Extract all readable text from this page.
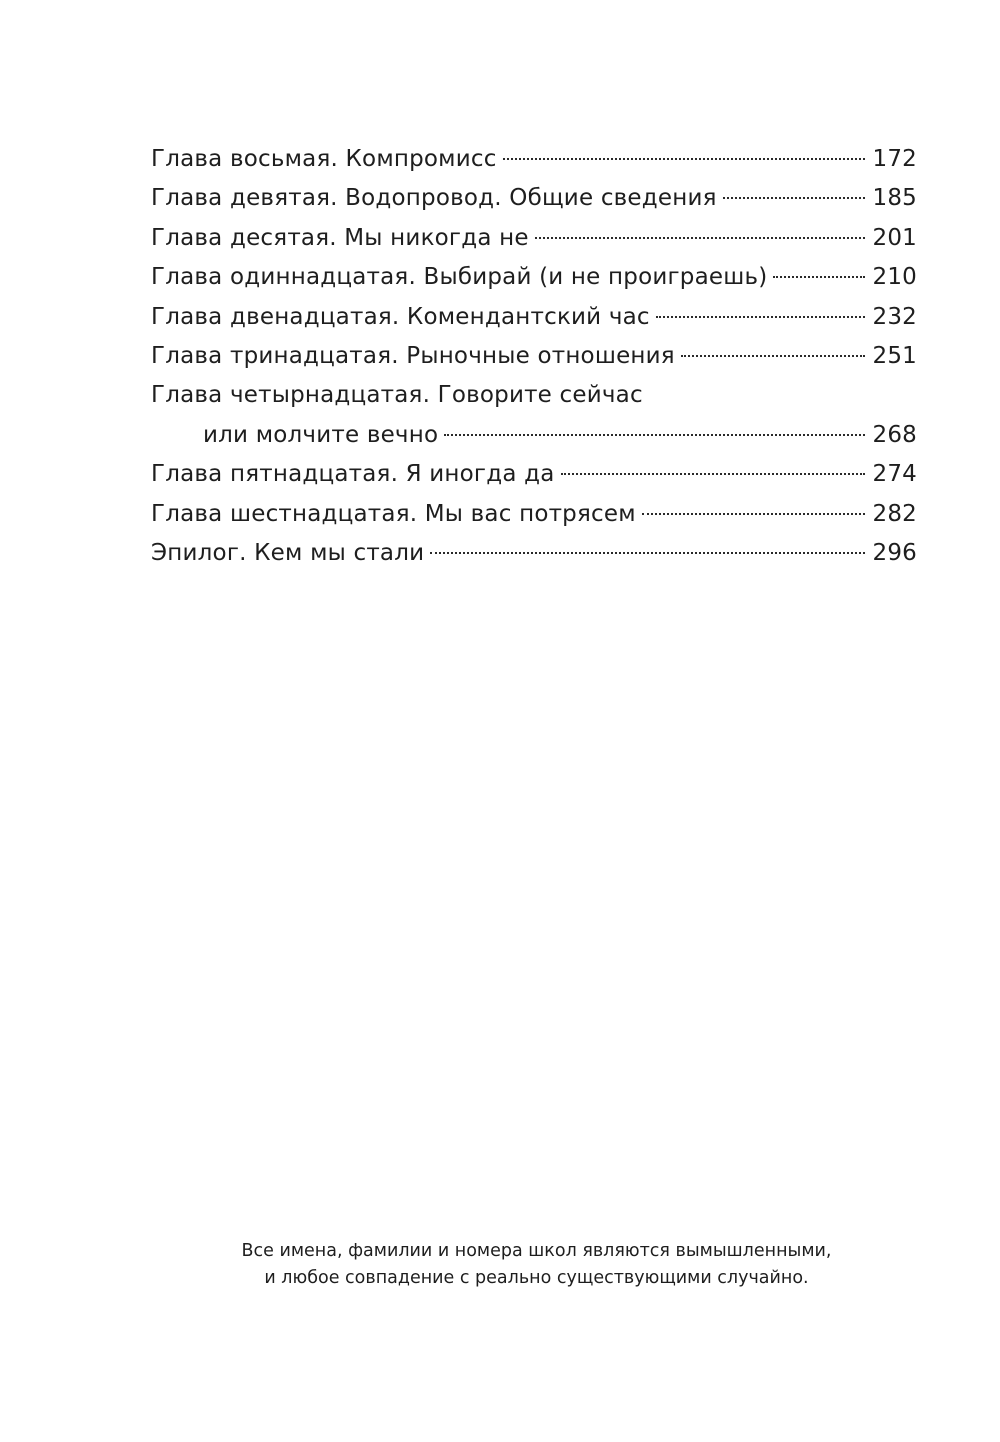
Глава восьмая. Компромисс	172
Глава девятая. Водопровод. Общие сведения	185
Глава десятая. Мы никогда не	201
Глава одиннадцатая. Выбирай (и не проиграешь)	210
Глава двенадцатая. Комендантский час	232
Глава тринадцатая. Рыночные отношения	251
Глава четырнадцатая. Говорите сейчас
или молчите вечно	268
Глава пятнадцатая. Я иногда да	274
Глава шестнадцатая. Мы вас потрясем	282
Эпилог. Кем мы стали	296
Все имена, фамилии и номера школ являются вымышленными,
и любое совпадение с реально существующими случайно.
